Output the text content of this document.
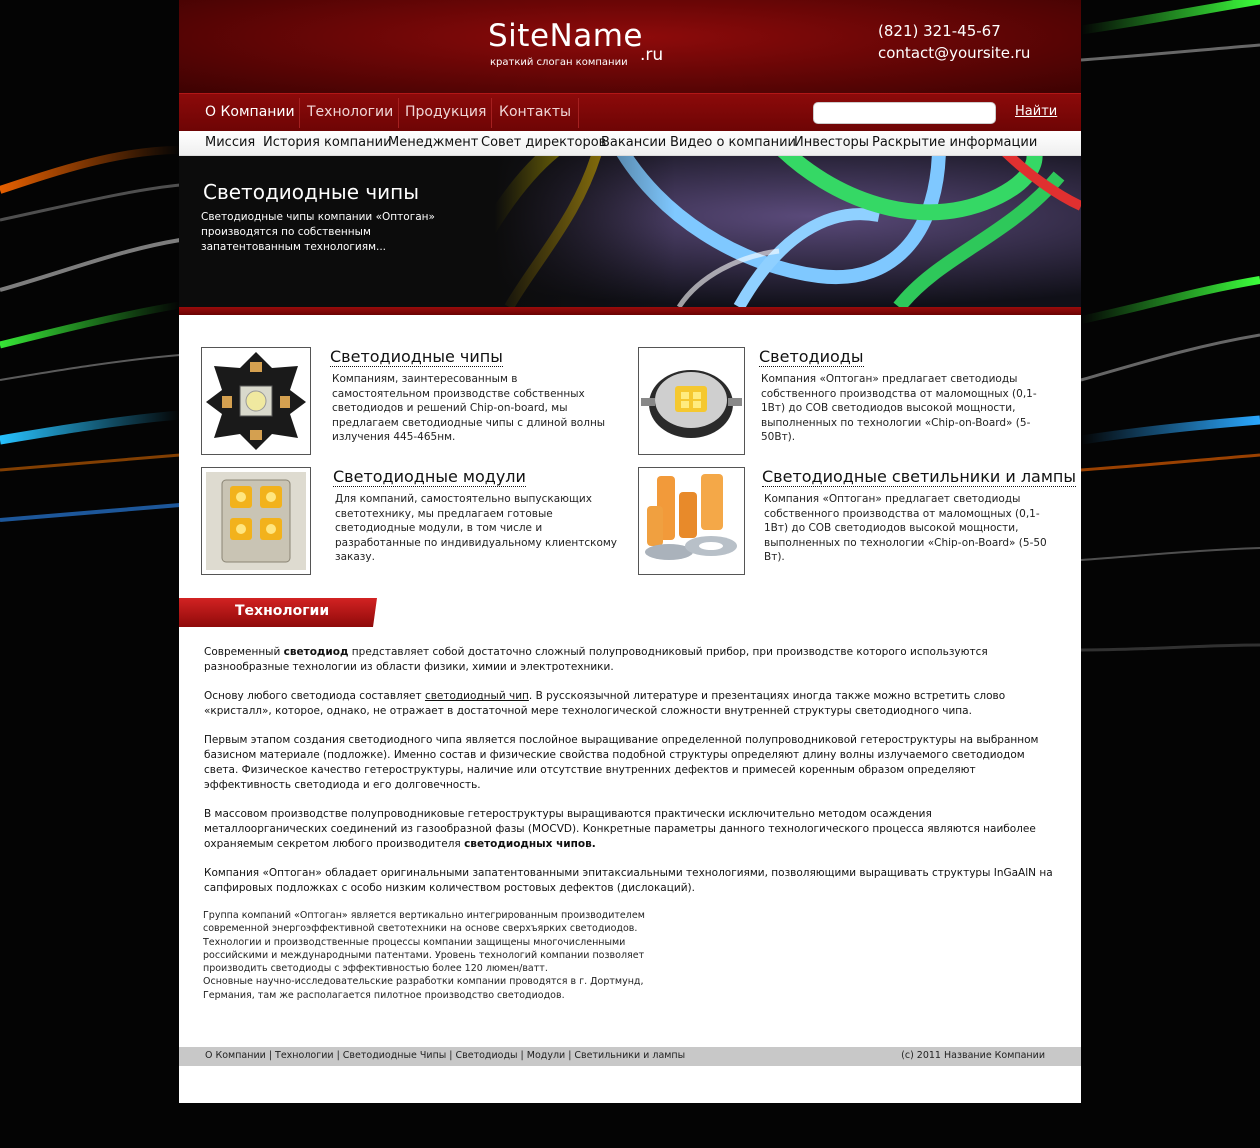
SiteName
.ru
краткий слоган компании
(821) 321-45-67
contact@yoursite.ru
О Компании Технологии Продукция Контакты	Найти
Миссия История компании
Менеджмент Совет директоров
Вакансии Видео о компании
Инвесторы Раскрытие информации
Светодиодные чипы
Светодиодные чипы компании «Оптоган» производятся по собственным запатентованным технологиям...
Светодиодные чипы
Компаниям, заинтересованным в самостоятельном производстве собственных светодиодов и решений Chip-on-board, мы предлагаем светодиодные чипы с длиной волны излучения 445-465нм.
Светодиоды
Компания «Оптоган» предлагает светодиоды собственного производства от маломощных (0,1-1Вт) до COB светодиодов высокой мощности, выполненных по технологии «Chip-on-Board» (5-50Вт).
Светодиодные модули
Для компаний, самостоятельно выпускающих светотехнику, мы предлагаем готовые светодиодные модули, в том числе и разработанные по индивидуальному клиентскому заказу.
Светодиодные светильники и лампы
Компания «Оптоган» предлагает светодиоды собственного производства от маломощных (0,1-1Вт) до COB светодиодов высокой мощности, выполненных по технологии «Chip-on-Board» (5-50 Вт).
Технологии

Современный светодиод представляет собой достаточно сложный полупроводниковый прибор, при производстве которого используются разнообразные технологии из области физики, химии и электротехники.

Основу любого светодиода составляет светодиодный чип. В русскоязычной литературе и презентациях иногда также можно встретить слово «кристалл», которое, однако, не отражает в достаточной мере технологической сложности внутренней структуры светодиодного чипа.

Первым этапом создания светодиодного чипа является послойное выращивание определенной полупроводниковой гетероструктуры на выбранном базисном материале (подложке). Именно состав и физические свойства подобной структуры определяют длину волны излучаемого светодиодом света. Физическое качество гетероструктуры, наличие или отсутствие внутренних дефектов и примесей коренным образом определяют эффективность светодиода и его долговечность.

В массовом производстве полупроводниковые гетероструктуры выращиваются практически исключительно методом осаждения металлоорганических соединений из газообразной фазы (MOCVD). Конкретные параметры данного технологического процесса являются наиболее охраняемым секретом любого производителя светодиодных чипов.

Компания «Оптоган» обладает оригинальными запатентованными эпитаксиальными технологиями, позволяющими выращивать структуры InGaAlN на сапфировых подложках с особо низким количеством ростовых дефектов (дислокаций).

Группа компаний «Оптоган» является вертикально интегрированным производителем современной энергоэффективной светотехники на основе сверхъярких светодиодов.
Технологии и производственные процессы компании защищены многочисленными российскими и международными патентами. Уровень технологий компании позволяет производить светодиоды с эффективностью более 120 люмен/ватт.
Основные научно-исследовательские разработки компании проводятся в г. Дортмунд, Германия, там же располагается пилотное производство светодиодов.
О Компании | Технологии | Светодиодные Чипы | Светодиоды | Модули | Светильники и лампы	(c) 2011 Название Компании
